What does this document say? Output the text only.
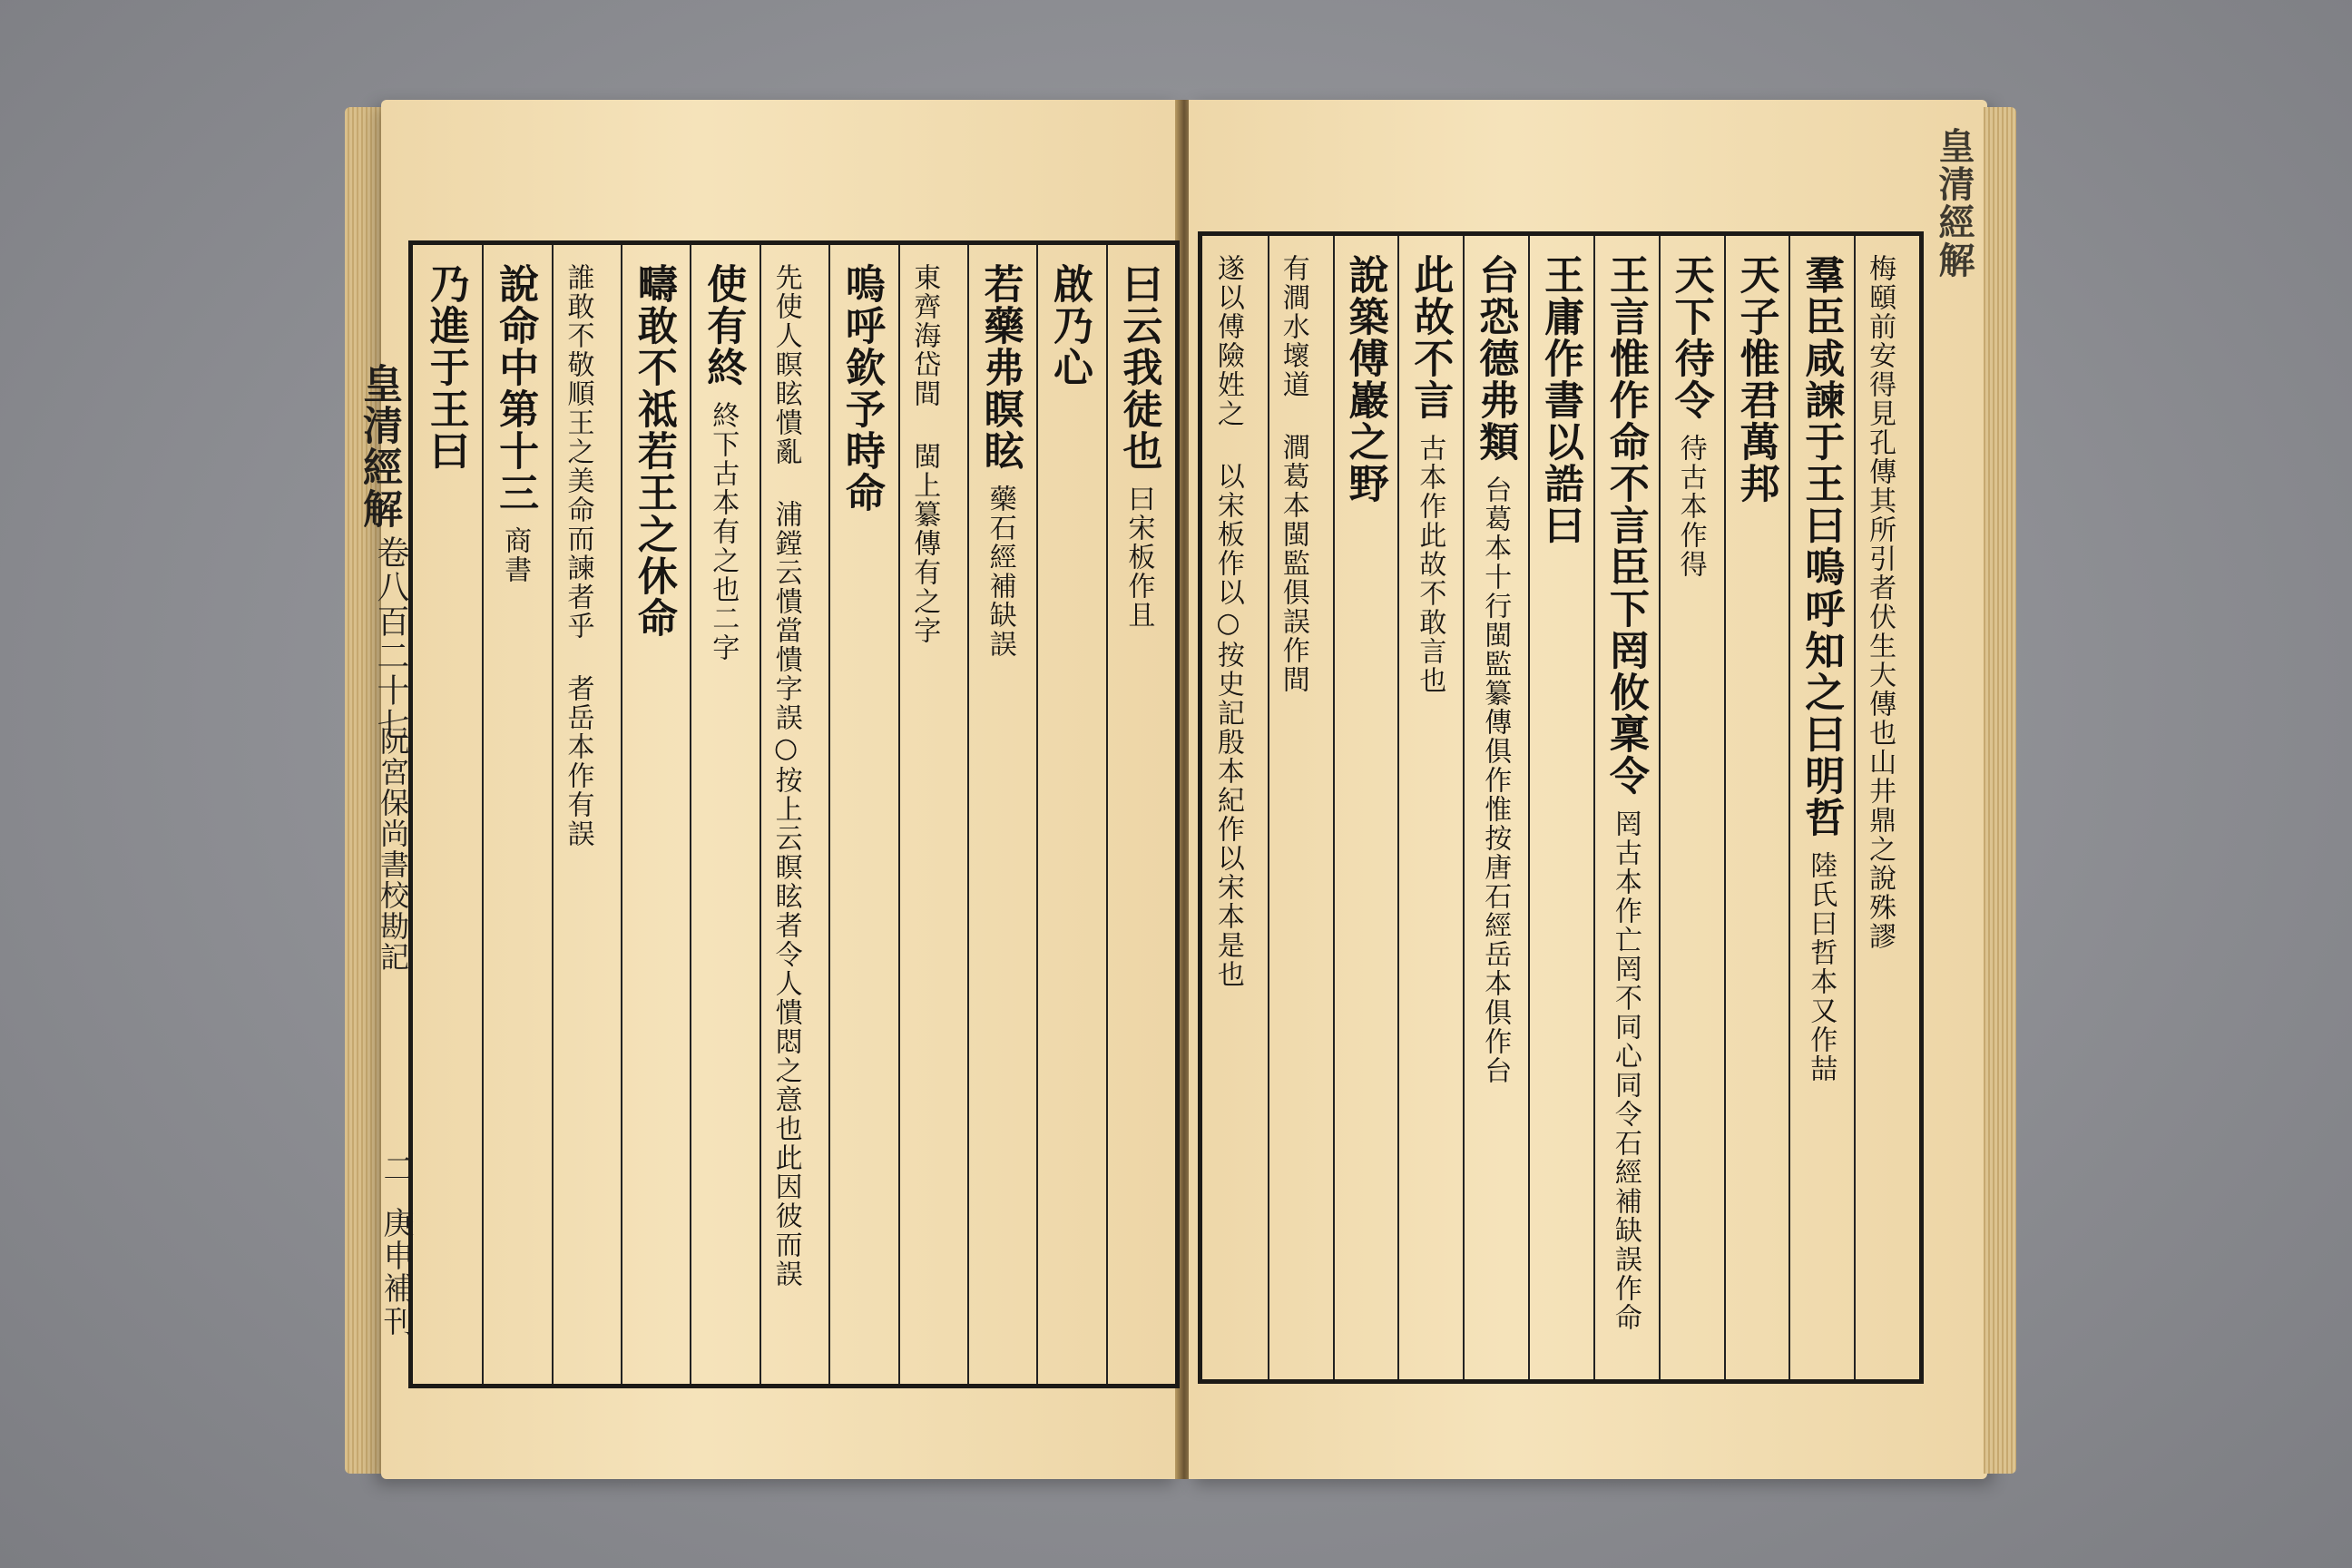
皇清經解
卷八百二十七
阮宮保尚書校勘記
二
庚申補刊
曰云我徒也曰宋板作且
啟乃心
若藥弗瞑眩藥石經補缺誤
東齊海岱間 閩上纂傳有之字
嗚呼欽予時命
先使人瞑眩憒亂 浦鏜云憒當憒字誤○按上云瞑眩者令人憒悶之意也此因彼而誤
使有終終下古本有之也二字
疇敢不祗若王之休命
誰敢不敬順王之美命而諫者乎 者岳本作有誤
說命中第十三商書
乃進于王曰	梅頤前安得見孔傳其所引者伏生大傳也山井鼎之說殊謬
羣臣咸諫于王曰嗚呼知之曰明哲陸氏曰哲本又作喆
天子惟君萬邦
天下待令待古本作得
王言惟作命不言臣下罔攸稟令罔古本作亡罔不同心同令石經補缺誤作命
王庸作書以誥曰
台恐德弗類台葛本十行閩監纂傳俱作惟按唐石經岳本俱作台
此故不言古本作此故不敢言也
說築傅巖之野
有澗水壞道 澗葛本閩監俱誤作間
遂以傅險姓之 以宋板作以○按史記殷本紀作以宋本是也
皇清經解
